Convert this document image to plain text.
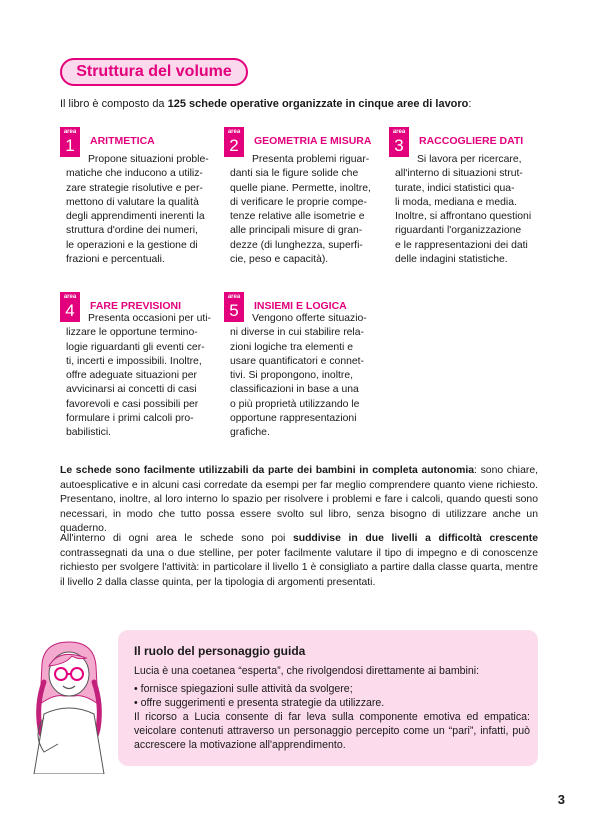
Struttura del volume
Il libro è composto da 125 schede operative organizzate in cinque aree di lavoro:
area
1	ARITMETICA
Propone situazioni proble-
matiche che inducono a utiliz-
zare strategie risolutive e per-
mettono di valutare la qualità
degli apprendimenti inerenti la
struttura d'ordine dei numeri,
le operazioni e la gestione di
frazioni e percentuali.
area
2	GEOMETRIA E MISURA
Presenta problemi riguar-
danti sia le figure solide che
quelle piane. Permette, inoltre,
di verificare le proprie compe-
tenze relative alle isometrie e
alle principali misure di gran-
dezze (di lunghezza, superfi-
cie, peso e capacità).
area
3	RACCOGLIERE DATI
Si lavora per ricercare,
all'interno di situazioni strut-
turate, indici statistici qua-
li moda, mediana e media.
Inoltre, si affrontano questioni
riguardanti l'organizzazione
e le rappresentazioni dei dati
delle indagini statistiche.
area
4	FARE PREVISIONI
Presenta occasioni per uti-
lizzare le opportune termino-
logie riguardanti gli eventi cer-
ti, incerti e impossibili. Inoltre,
offre adeguate situazioni per
avvicinarsi ai concetti di casi
favorevoli e casi possibili per
formulare i primi calcoli pro-
babilistici.
area
5	INSIEMI E LOGICA
Vengono offerte situazio-
ni diverse in cui stabilire rela-
zioni logiche tra elementi e
usare quantificatori e connet-
tivi. Si propongono, inoltre,
classificazioni in base a una
o più proprietà utilizzando le
opportune rappresentazioni
grafiche.
Le schede sono facilmente utilizzabili da parte dei bambini in completa autonomia: sono chiare, autoesplicative e in alcuni casi corredate da esempi per far meglio comprendere quanto viene richiesto. Presentano, inoltre, al loro interno lo spazio per risolvere i problemi e fare i calcoli, quando questi sono necessari, in modo che tutto possa essere svolto sul libro, senza bisogno di utilizzare anche un quaderno.
All'interno di ogni area le schede sono poi suddivise in due livelli a difficoltà crescente contrassegnati da una o due stelline, per poter facilmente valutare il tipo di impegno e di conoscenze richiesto per svolgere l'attività: in particolare il livello 1 è consigliato a partire dalla classe quarta, mentre il livello 2 dalla classe quinta, per la tipologia di argomenti presentati.
Il ruolo del personaggio guida
Lucia è una coetanea “esperta”, che rivolgendosi direttamente ai bambini:
• fornisce spiegazioni sulle attività da svolgere;
• offre suggerimenti e presenta strategie da utilizzare.
Il ricorso a Lucia consente di far leva sulla componente emotiva ed empatica: veicolare contenuti attraverso un personaggio percepito come un “pari”, infatti, può accrescere la motivazione all'apprendimento.
3
